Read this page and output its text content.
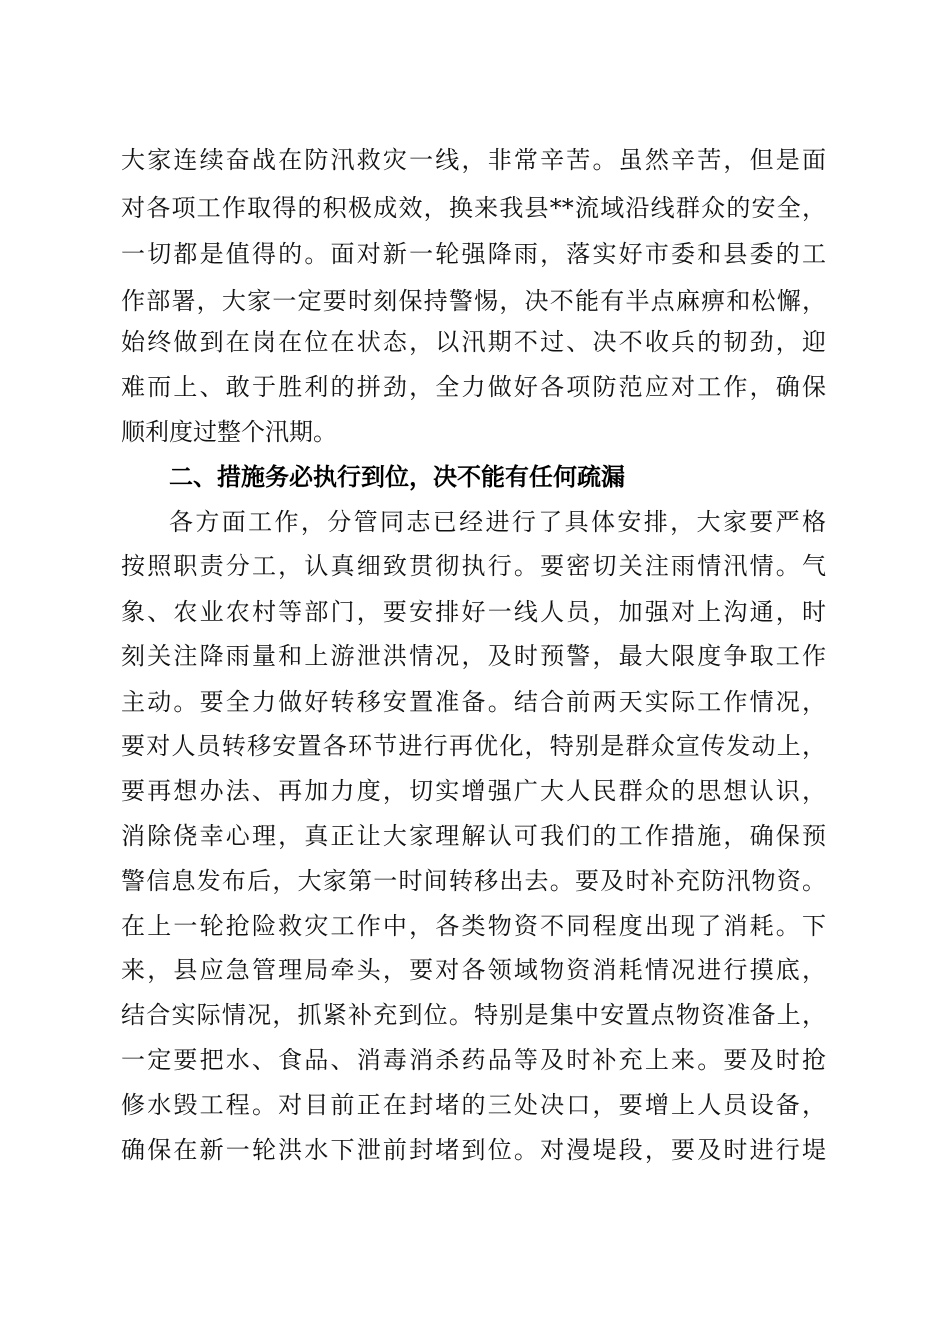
大家连续奋战在防汛救灾一线，非常辛苦。虽然辛苦，但是面

对各项工作取得的积极成效，换来我县**流域沿线群众的安全，

一切都是值得的。面对新一轮强降雨，落实好市委和县委的工

作部署，大家一定要时刻保持警惕，决不能有半点麻痹和松懈，

始终做到在岗在位在状态，以汛期不过、决不收兵的韧劲，迎

难而上、敢于胜利的拼劲，全力做好各项防范应对工作，确保

顺利度过整个汛期。

二、措施务必执行到位，决不能有任何疏漏

各方面工作，分管同志已经进行了具体安排，大家要严格

按照职责分工，认真细致贯彻执行。要密切关注雨情汛情。气

象、农业农村等部门，要安排好一线人员，加强对上沟通，时

刻关注降雨量和上游泄洪情况，及时预警，最大限度争取工作

主动。要全力做好转移安置准备。结合前两天实际工作情况，

要对人员转移安置各环节进行再优化，特别是群众宣传发动上，

要再想办法、再加力度，切实增强广大人民群众的思想认识，

消除侥幸心理，真正让大家理解认可我们的工作措施，确保预

警信息发布后，大家第一时间转移出去。要及时补充防汛物资。

在上一轮抢险救灾工作中，各类物资不同程度出现了消耗。下

来，县应急管理局牵头，要对各领域物资消耗情况进行摸底，

结合实际情况，抓紧补充到位。特别是集中安置点物资准备上，

一定要把水、食品、消毒消杀药品等及时补充上来。要及时抢

修水毁工程。对目前正在封堵的三处决口，要增上人员设备，

确保在新一轮洪水下泄前封堵到位。对漫堤段，要及时进行堤
